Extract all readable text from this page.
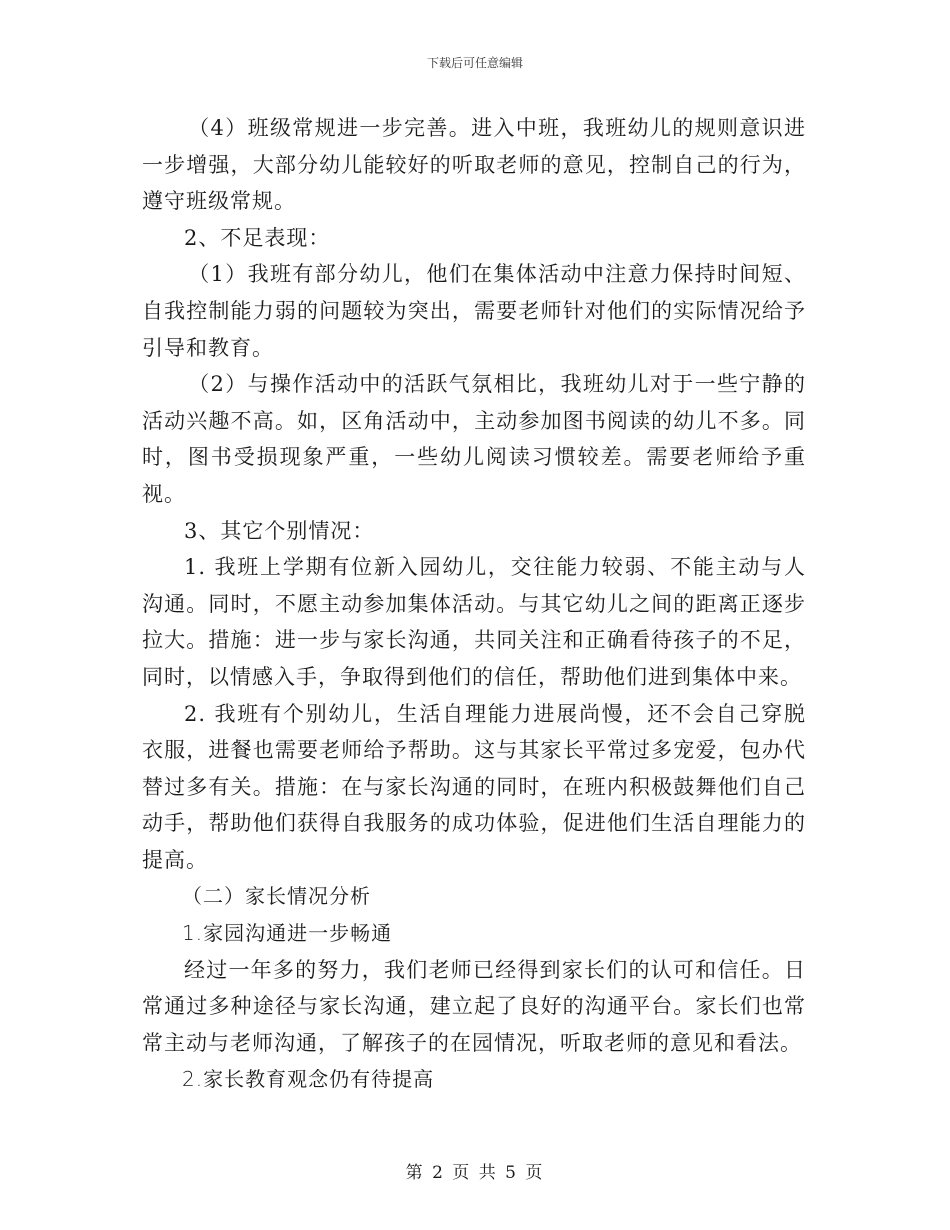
下载后可任意编辑

（4）班级常规进一步完善。进入中班，我班幼儿的规则意识进一步增强，大部分幼儿能较好的听取老师的意见，控制自己的行为，遵守班级常规。

2、不足表现：

（1）我班有部分幼儿，他们在集体活动中注意力保持时间短、自我控制能力弱的问题较为突出，需要老师针对他们的实际情况给予引导和教育。

（2）与操作活动中的活跃气氛相比，我班幼儿对于一些宁静的活动兴趣不高。如，区角活动中，主动参加图书阅读的幼儿不多。同时，图书受损现象严重，一些幼儿阅读习惯较差。需要老师给予重视。

3、其它个别情况：

1. 我班上学期有位新入园幼儿，交往能力较弱、不能主动与人沟通。同时，不愿主动参加集体活动。与其它幼儿之间的距离正逐步拉大。措施：进一步与家长沟通，共同关注和正确看待孩子的不足，同时，以情感入手，争取得到他们的信任，帮助他们进到集体中来。

2. 我班有个别幼儿，生活自理能力进展尚慢，还不会自己穿脱衣服，进餐也需要老师给予帮助。这与其家长平常过多宠爱，包办代替过多有关。措施：在与家长沟通的同时，在班内积极鼓舞他们自己动手，帮助他们获得自我服务的成功体验，促进他们生活自理能力的提高。

（二）家长情况分析

1.家园沟通进一步畅通

经过一年多的努力，我们老师已经得到家长们的认可和信任。日常通过多种途径与家长沟通，建立起了良好的沟通平台。家长们也常常主动与老师沟通，了解孩子的在园情况，听取老师的意见和看法。

2.家长教育观念仍有待提高

第 2 页 共 5 页
